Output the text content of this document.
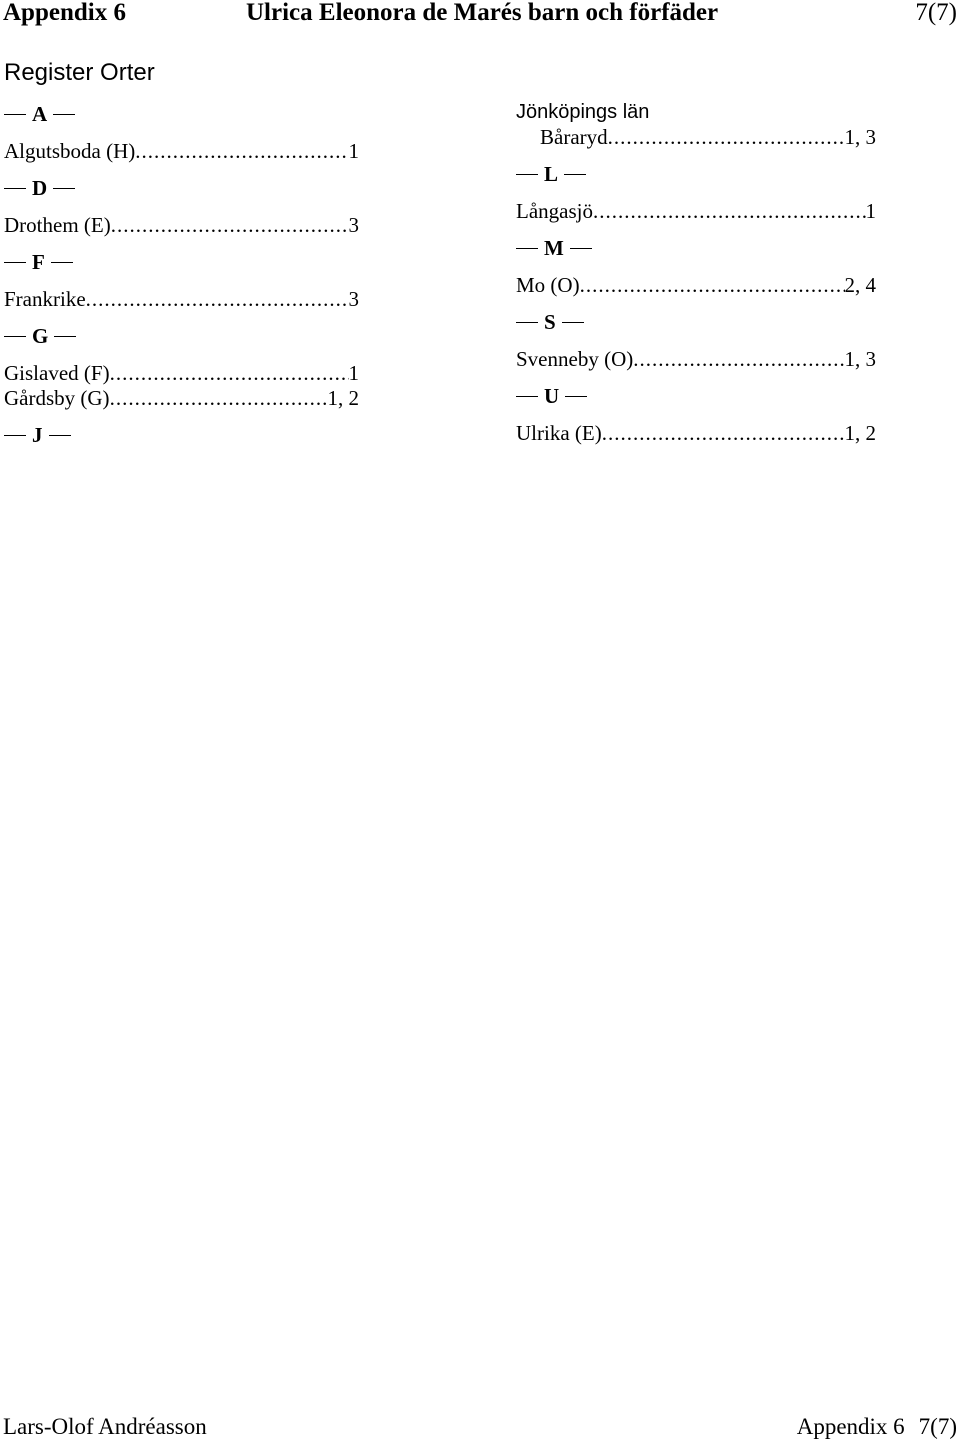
Appendix 6	Ulrica Eleonora de Marés barn och förfäder	7(7)
Register Orter
A
Algutsboda (H) .....	1
D
Drothem (E) .....	3
F
Frankrike .....	3
G
Gislaved (F) .....	1
Gårdsby (G) .....	1, 2
J
Jönköpings län
Båraryd .....	1, 3
L
Långasjö .....	1
M
Mo (O) .....	2, 4
S
Svenneby (O) .....	1, 3
U
Ulrika (E) .....	1, 2
Lars-Olof Andréasson	Appendix 6 7(7)
